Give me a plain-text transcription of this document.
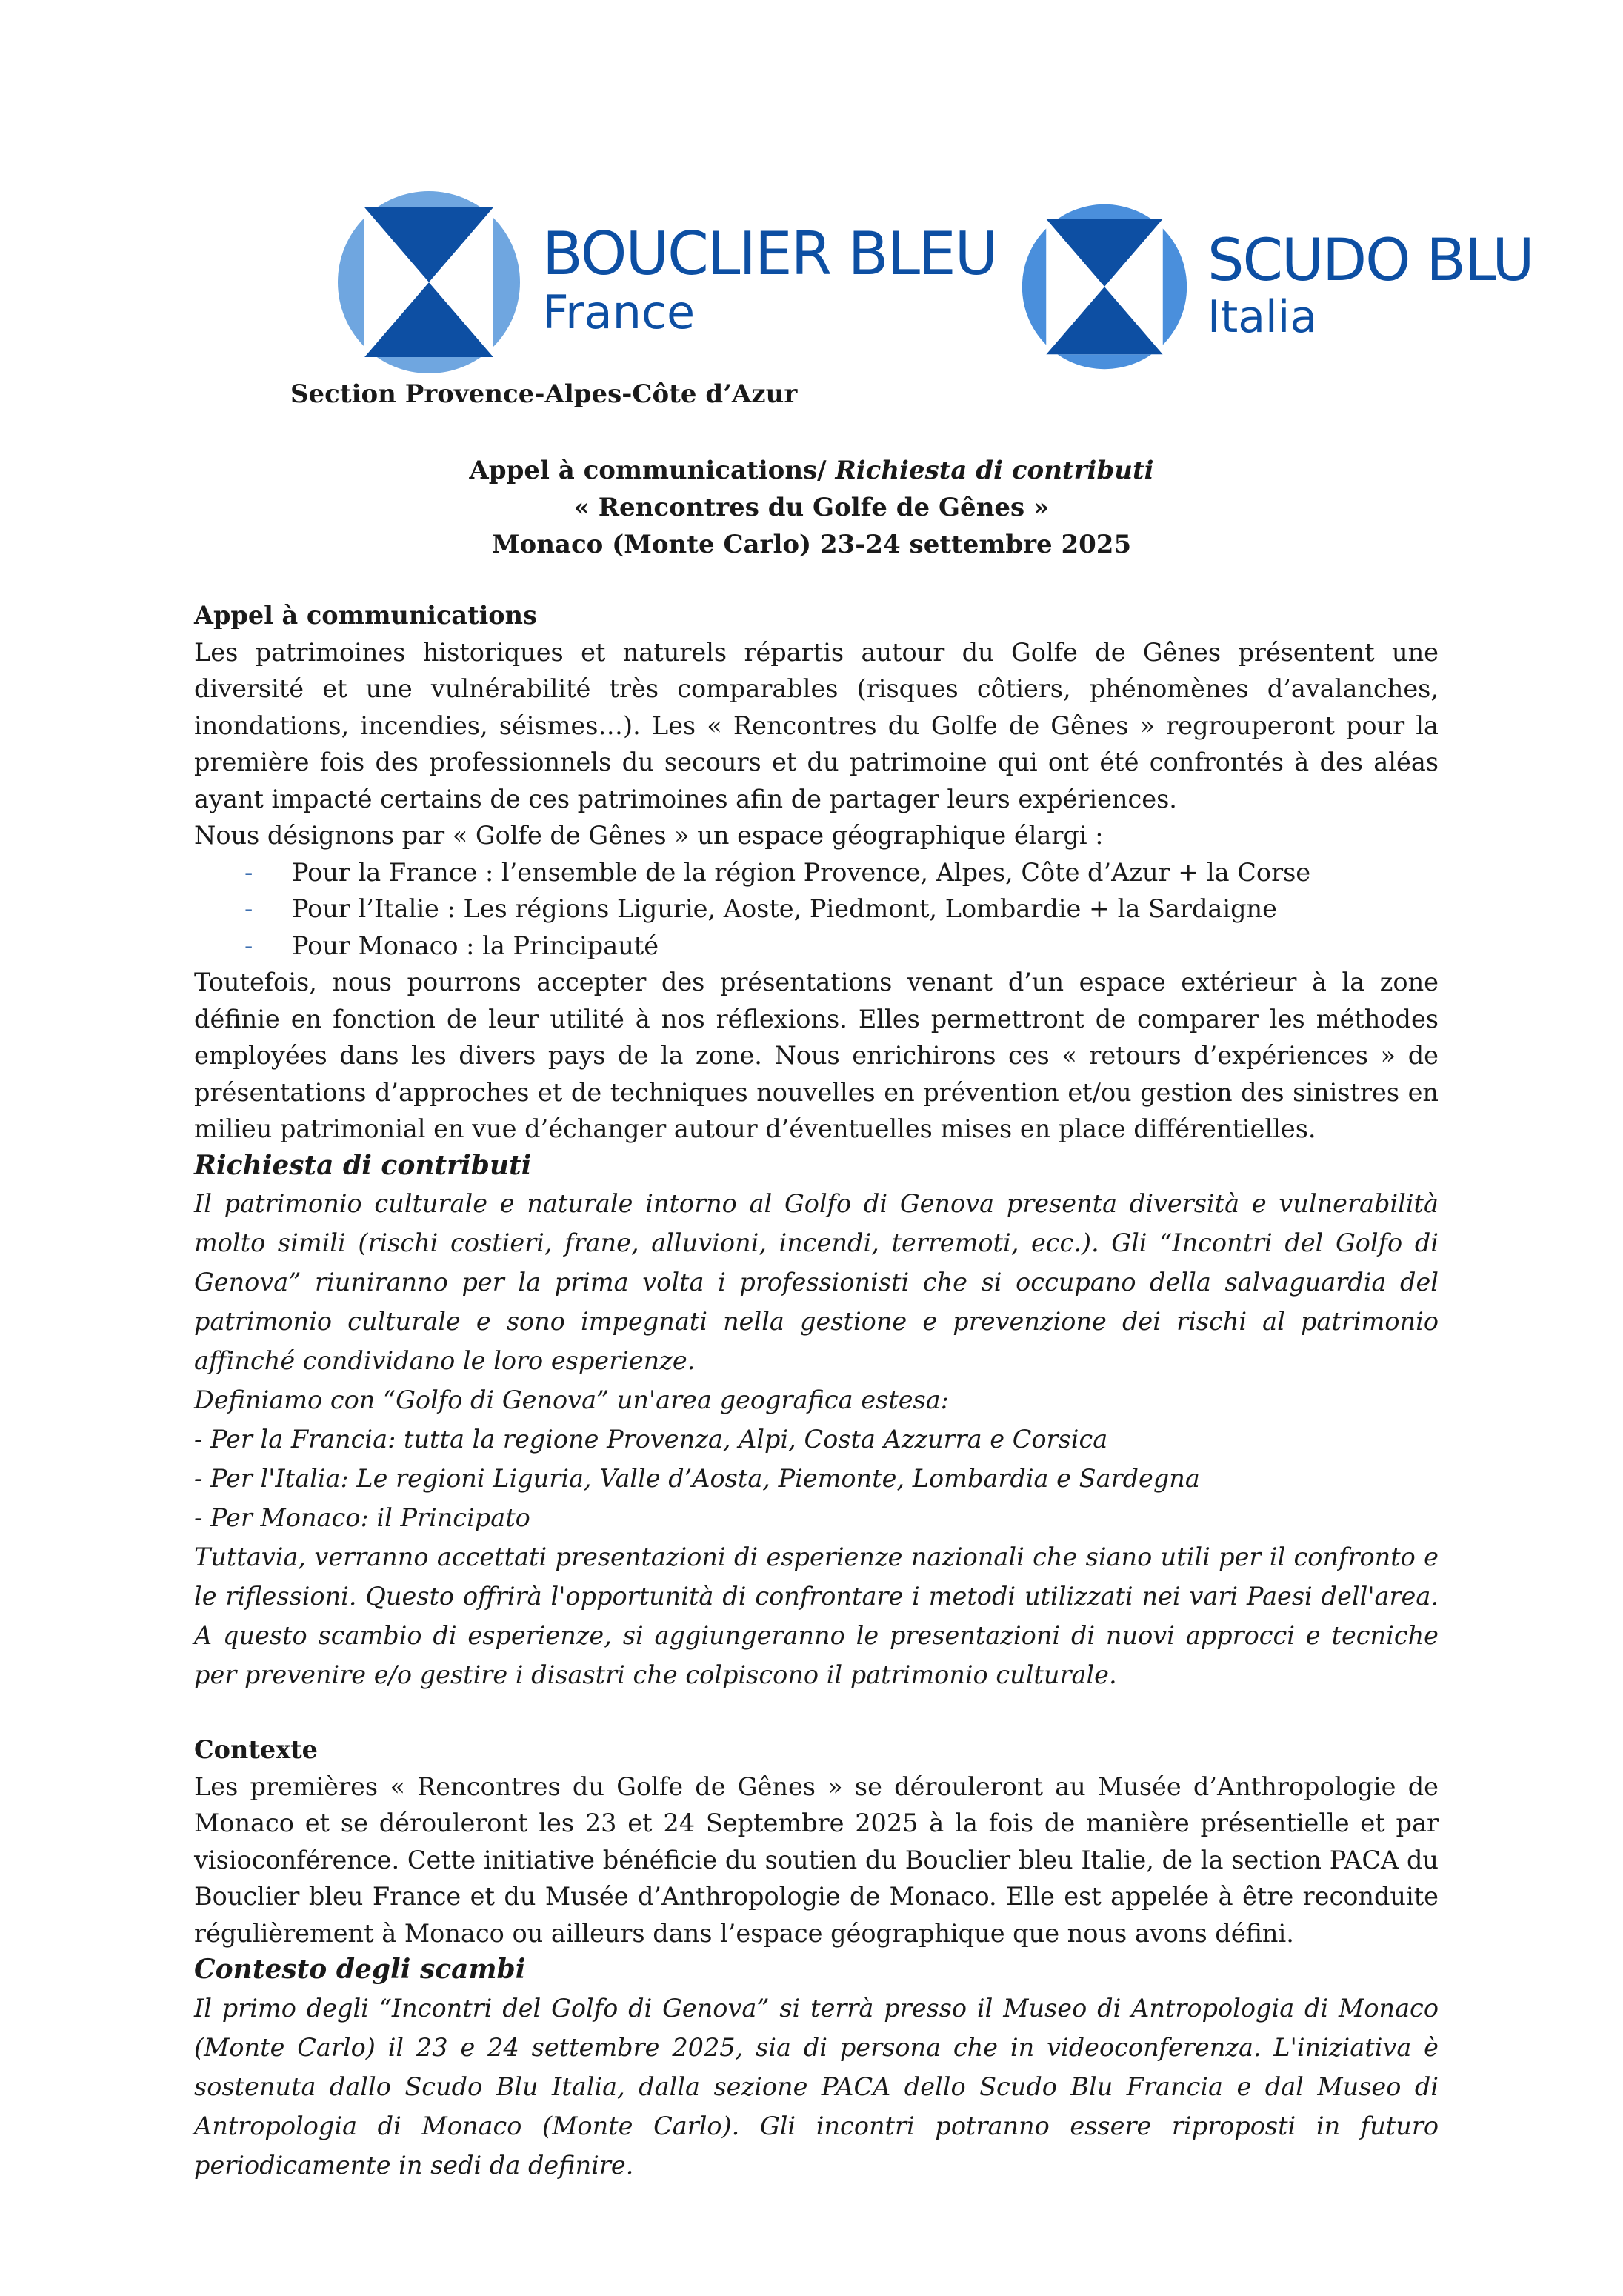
BOUCLIER BLEU
France
SCUDO BLU
Italia
Section Provence-Alpes-Côte d’Azur
Appel à communications/ Richiesta di contributi
« Rencontres du Golfe de Gênes »
Monaco (Monte Carlo) 23-24 settembre 2025
Appel à communications

Les patrimoines historiques et naturels répartis autour du Golfe de Gênes présentent une diversité et une vulnérabilité très comparables (risques côtiers, phénomènes d’avalanches, inondations, incendies, séismes…). Les « Rencontres du Golfe de Gênes » regrouperont pour la première fois des professionnels du secours et du patrimoine qui ont été confrontés à des aléas ayant impacté certains de ces patrimoines afin de partager leurs expériences.

Nous désignons par « Golfe de Gênes » un espace géographique élargi :
- Pour la France : l’ensemble de la région Provence, Alpes, Côte d’Azur + la Corse
- Pour l’Italie : Les régions Ligurie, Aoste, Piedmont, Lombardie + la Sardaigne
- Pour Monaco : la Principauté

Toutefois, nous pourrons accepter des présentations venant d’un espace extérieur à la zone définie en fonction de leur utilité à nos réflexions. Elles permettront de comparer les méthodes employées dans les divers pays de la zone. Nous enrichirons ces « retours d’expériences » de présentations d’approches et de techniques nouvelles en prévention et/ou gestion des sinistres en milieu patrimonial en vue d’échanger autour d’éventuelles mises en place différentielles.

Richiesta di contributi

Il patrimonio culturale e naturale intorno al Golfo di Genova presenta diversità e vulnerabilità molto simili (rischi costieri, frane, alluvioni, incendi, terremoti, ecc.). Gli “Incontri del Golfo di Genova” riuniranno per la prima volta i professionisti che si occupano della salvaguardia del patrimonio culturale e sono impegnati nella gestione e prevenzione dei rischi al patrimonio affinché condividano le loro esperienze.

Definiamo con “Golfo di Genova” un'area geografica estesa:
- Per la Francia: tutta la regione Provenza, Alpi, Costa Azzurra e Corsica
- Per l'Italia: Le regioni Liguria, Valle d’Aosta, Piemonte, Lombardia e Sardegna
- Per Monaco: il Principato

Tuttavia, verranno accettati presentazioni di esperienze nazionali che siano utili per il confronto e le riflessioni. Questo offrirà l'opportunità di confrontare i metodi utilizzati nei vari Paesi dell'area. A questo scambio di esperienze, si aggiungeranno le presentazioni di nuovi approcci e tecniche per prevenire e/o gestire i disastri che colpiscono il patrimonio culturale.

Contexte

Les premières « Rencontres du Golfe de Gênes » se dérouleront au Musée d’Anthropologie de Monaco et se dérouleront les 23 et 24 Septembre 2025 à la fois de manière présentielle et par visioconférence. Cette initiative bénéficie du soutien du Bouclier bleu Italie, de la section PACA du Bouclier bleu France et du Musée d’Anthropologie de Monaco. Elle est appelée à être reconduite régulièrement à Monaco ou ailleurs dans l’espace géographique que nous avons défini.

Contesto degli scambi

Il primo degli “Incontri del Golfo di Genova” si terrà presso il Museo di Antropologia di Monaco (Monte Carlo) il 23 e 24 settembre 2025, sia di persona che in videoconferenza. L'iniziativa è sostenuta dallo Scudo Blu Italia, dalla sezione PACA dello Scudo Blu Francia e dal Museo di Antropologia di Monaco (Monte Carlo). Gli incontri potranno essere riproposti in futuro periodicamente in sedi da definire.
